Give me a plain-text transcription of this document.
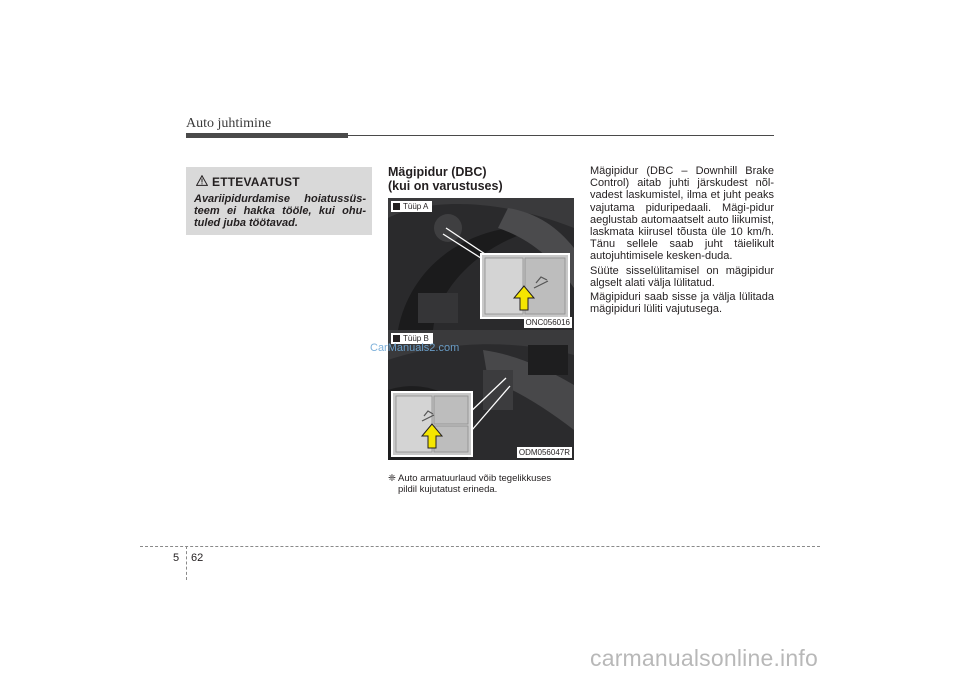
Auto juhtimine
ETTEVAATUST
Avariipidurdamise hoiatussüs-teem ei hakka tööle, kui ohu-tuled juba töötavad.
Mägipidur (DBC)
(kui on varustuses)
Tüüp A
ONC056016
Tüüp B
ODM056047R
CarManuals2.com
❈ Auto armatuurlaud võib tegelikkuses
pildil kujutatust erineda.

Mägipidur (DBC – Downhill Brake Control) aitab juhti järskudest nõl-vadest laskumistel, ilma et juht peaks vajutama piduripedaali. Mägi-pidur aeglustab automaatselt auto liikumist, laskmata kiirusel tõusta üle 10 km/h. Tänu sellele saab juht täielikult autojuhtimisele kesken-duda.

Süüte sisselülitamisel on mägipidur algselt alati välja lülitatud.

Mägipiduri saab sisse ja välja lülitada mägipiduri lüliti vajutusega.

5 62
carmanualsonline.info
